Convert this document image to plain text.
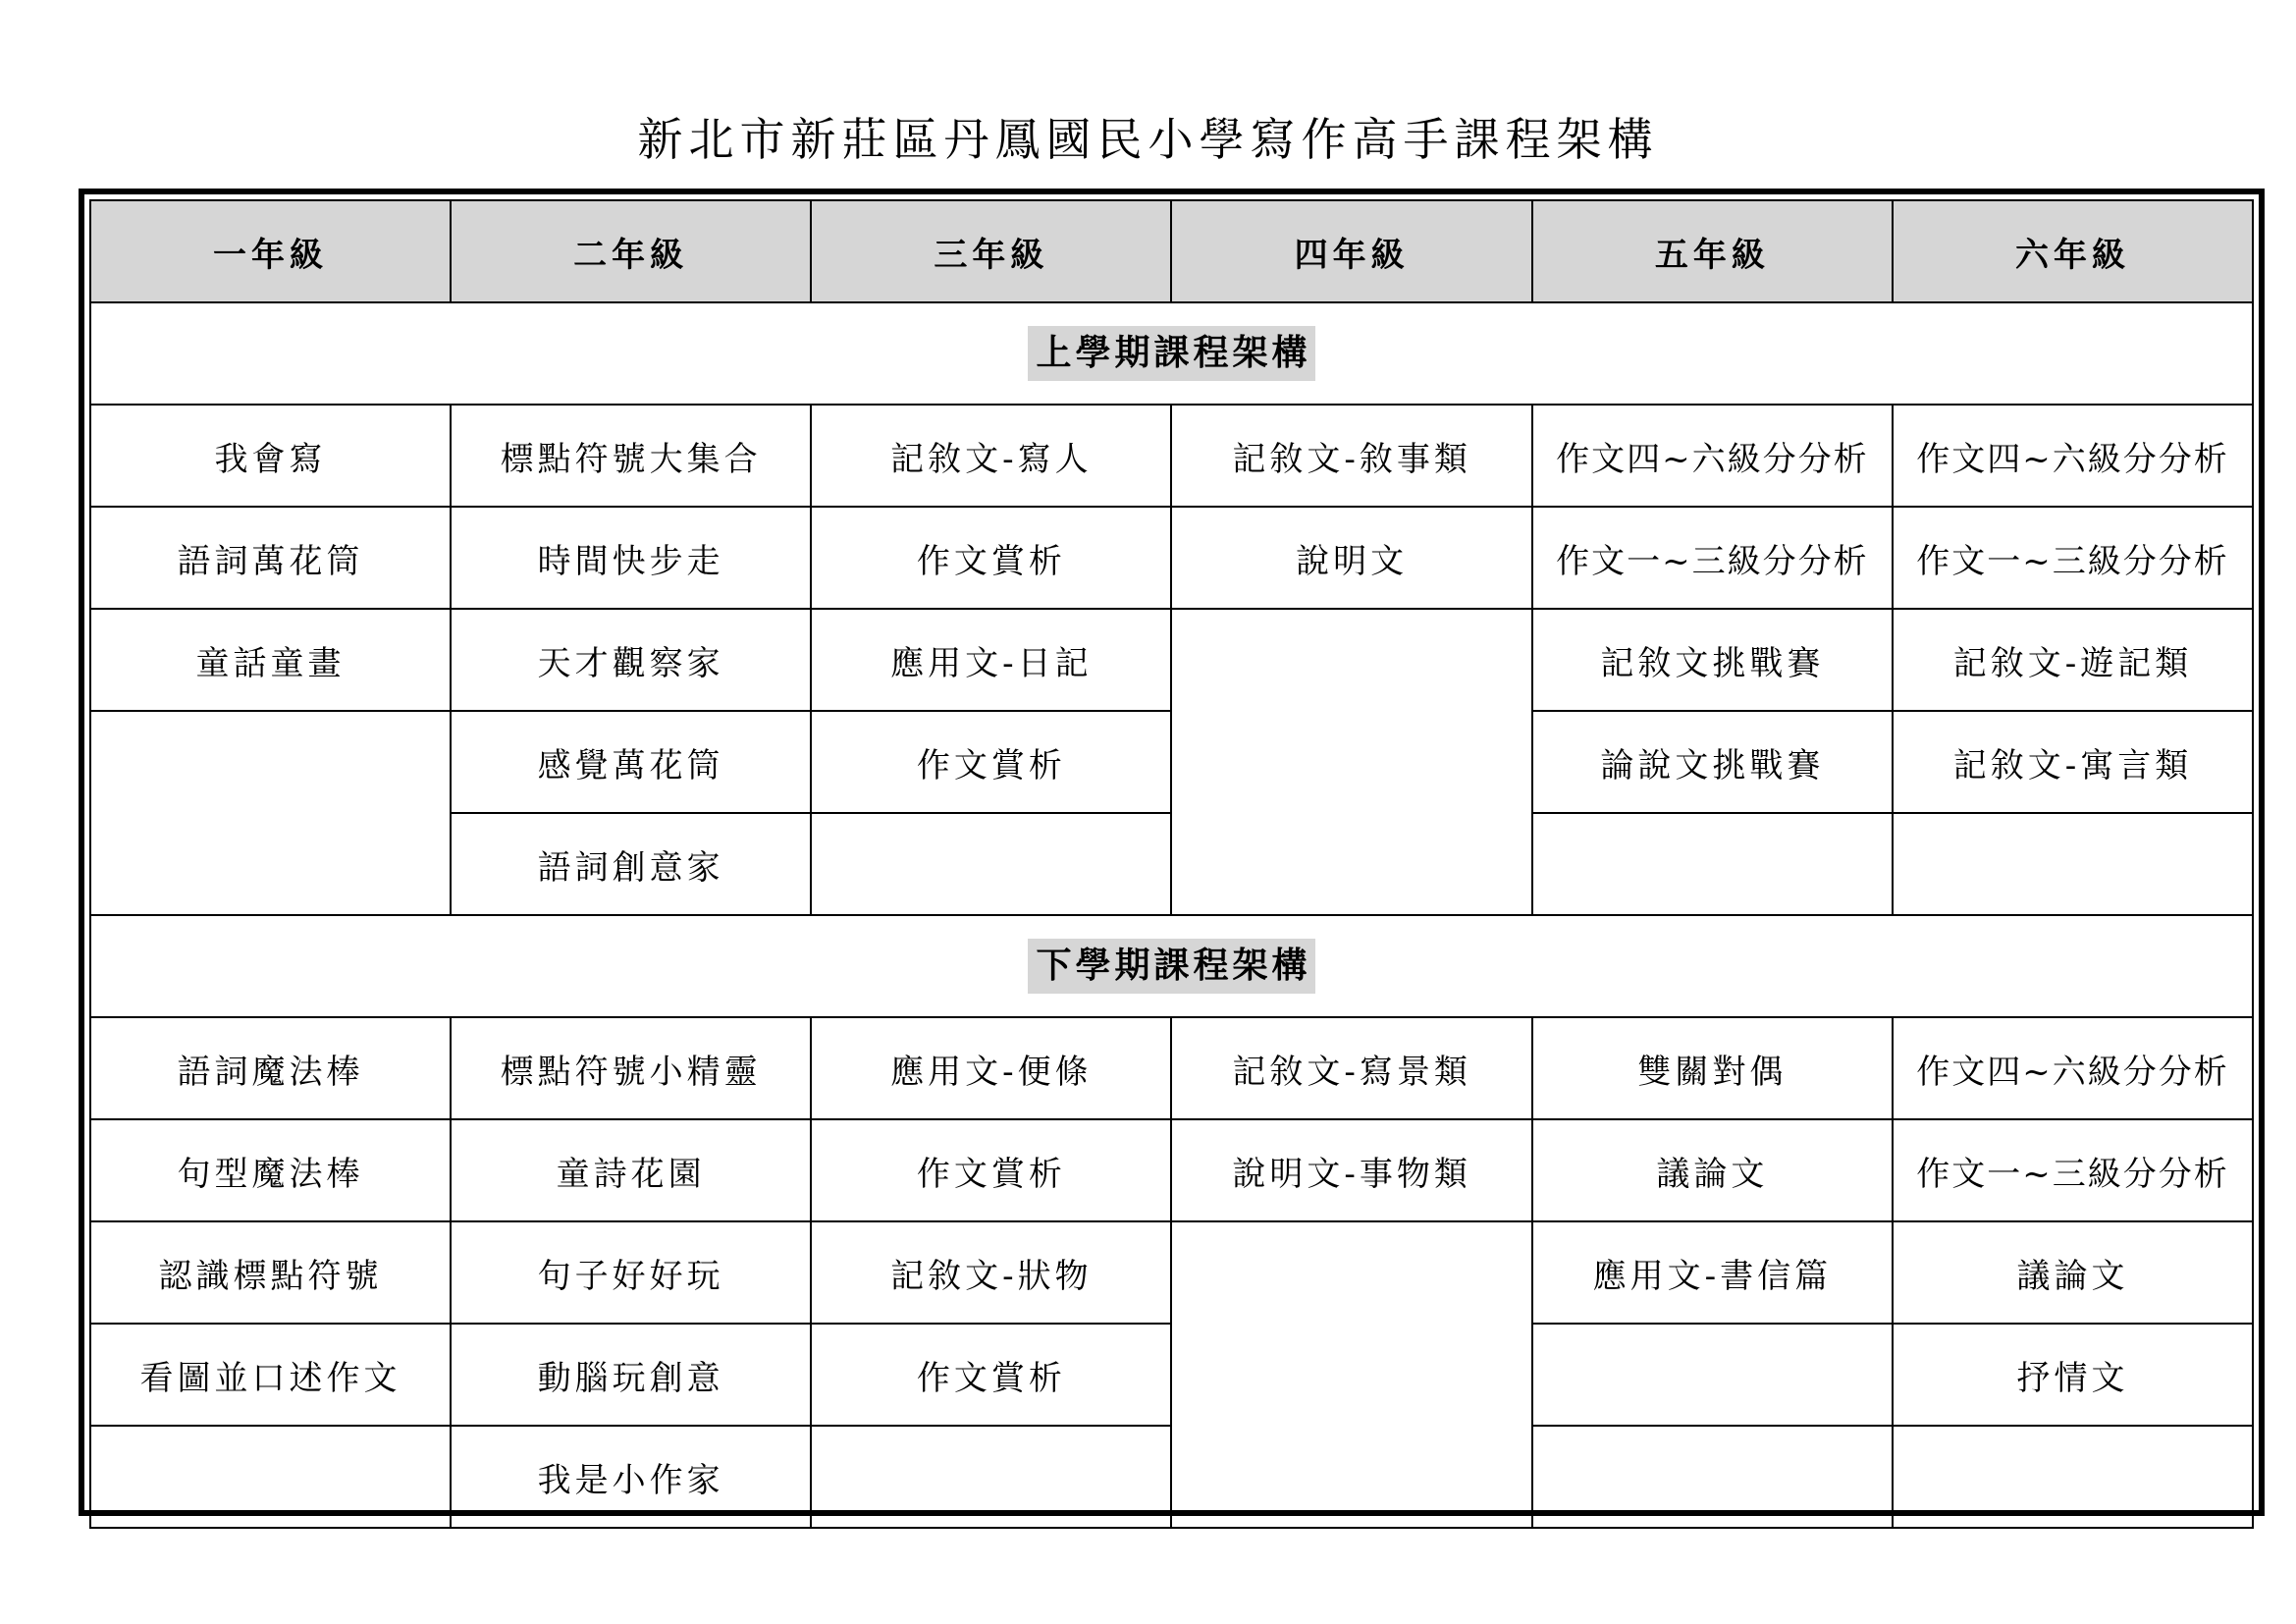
新北市新莊區丹鳳國民小學寫作高手課程架構
一年級	二年級	三年級	四年級	五年級	六年級
上學期課程架構					
我會寫	標點符號大集合	記敘文-寫人	記敘文-敘事類	作文四~六級分分析	作文四~六級分分析
語詞萬花筒	時間快步走	作文賞析	說明文	作文一~三級分分析	作文一~三級分分析
童話童畫	天才觀察家	應用文-日記		記敘文挑戰賽	記敘文-遊記類
	感覺萬花筒	作文賞析		論說文挑戰賽	記敘文-寓言類
	語詞創意家				
下學期課程架構					
語詞魔法棒	標點符號小精靈	應用文-便條	記敘文-寫景類	雙關對偶	作文四~六級分分析
句型魔法棒	童詩花園	作文賞析	說明文-事物類	議論文	作文一~三級分分析
認識標點符號	句子好好玩	記敘文-狀物		應用文-書信篇	議論文
看圖並口述作文	動腦玩創意	作文賞析			抒情文
	我是小作家				
